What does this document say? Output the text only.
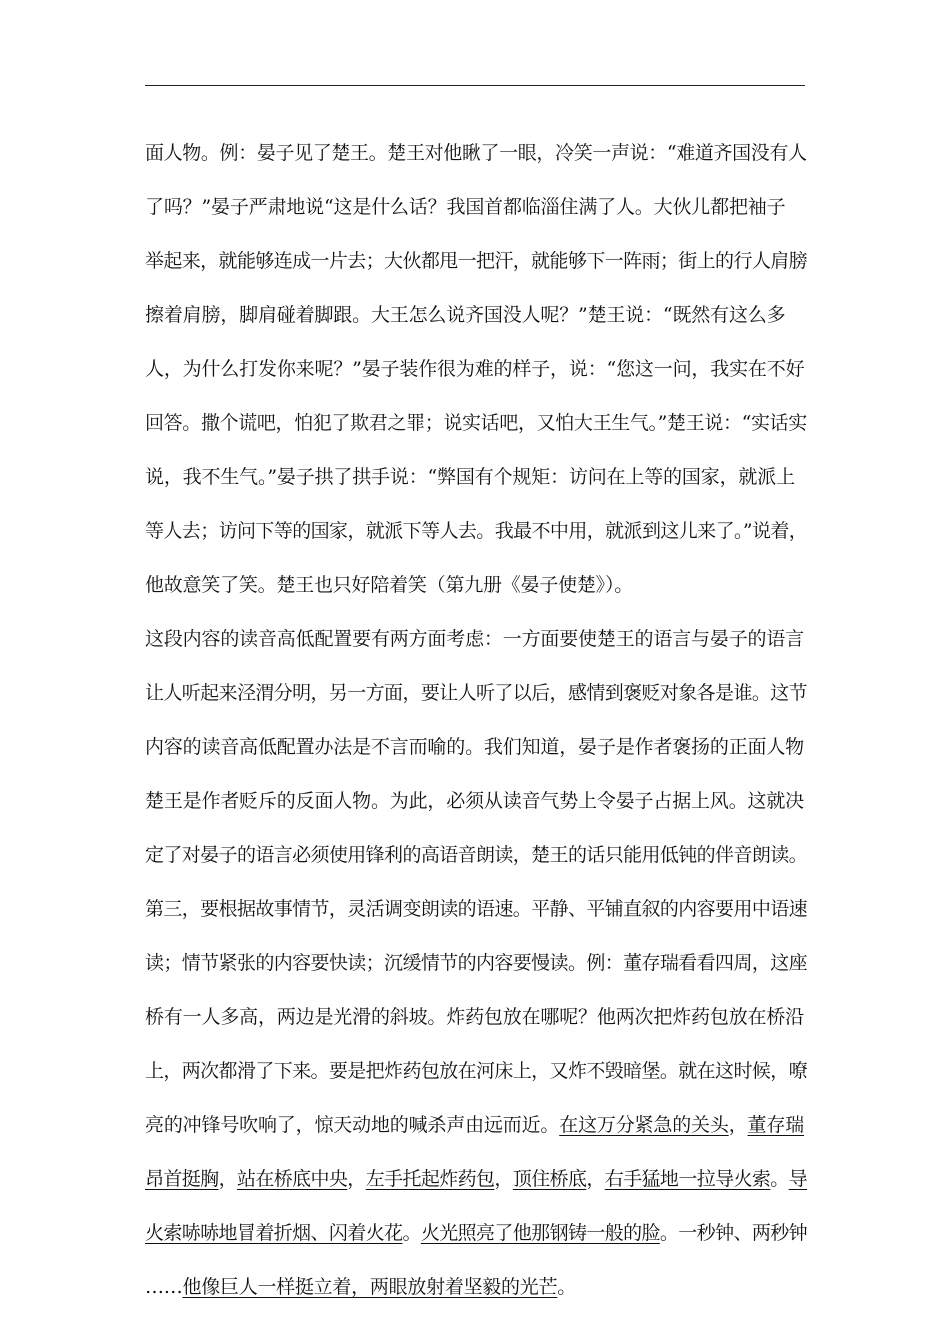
面人物。例：晏子见了楚王。楚王对他瞅了一眼，冷笑一声说：“难道齐国没有人
了吗？”晏子严肃地说“这是什么话？我国首都临淄住满了人。大伙儿都把袖子
举起来，就能够连成一片去；大伙都甩一把汗，就能够下一阵雨；街上的行人肩膀
擦着肩膀，脚肩碰着脚跟。大王怎么说齐国没人呢？”楚王说：“既然有这么多
人，为什么打发你来呢？”晏子装作很为难的样子，说：“您这一问，我实在不好
回答。撒个谎吧，怕犯了欺君之罪；说实话吧，又怕大王生气。”楚王说：“实话实
说，我不生气。”晏子拱了拱手说：“弊国有个规矩：访问在上等的国家，就派上
等人去；访问下等的国家，就派下等人去。我最不中用，就派到这儿来了。”说着，
他故意笑了笑。楚王也只好陪着笑（第九册《晏子使楚》）。
这段内容的读音高低配置要有两方面考虑：一方面要使楚王的语言与晏子的语言
让人听起来泾渭分明，另一方面，要让人听了以后，感情到褒贬对象各是谁。这节
内容的读音高低配置办法是不言而喻的。我们知道，晏子是作者褒扬的正面人物
楚王是作者贬斥的反面人物。为此，必须从读音气势上令晏子占据上风。这就决
定了对晏子的语言必须使用锋利的高语音朗读，楚王的话只能用低钝的伴音朗读。
第三，要根据故事情节，灵活调变朗读的语速。平静、平铺直叙的内容要用中语速
读；情节紧张的内容要快读；沉缓情节的内容要慢读。例：董存瑞看看四周，这座
桥有一人多高，两边是光滑的斜坡。炸药包放在哪呢？他两次把炸药包放在桥沿
上，两次都滑了下来。要是把炸药包放在河床上，又炸不毁暗堡。就在这时候，嘹
亮的冲锋号吹响了，惊天动地的喊杀声由远而近。在这万分紧急的关头，董存瑞
昂首挺胸，站在桥底中央，左手托起炸药包，顶住桥底，右手猛地一拉导火索。导
火索哧哧地冒着折烟、闪着火花。火光照亮了他那钢铸一般的脸。一秒钟、两秒钟
……他像巨人一样挺立着，两眼放射着坚毅的光芒。
